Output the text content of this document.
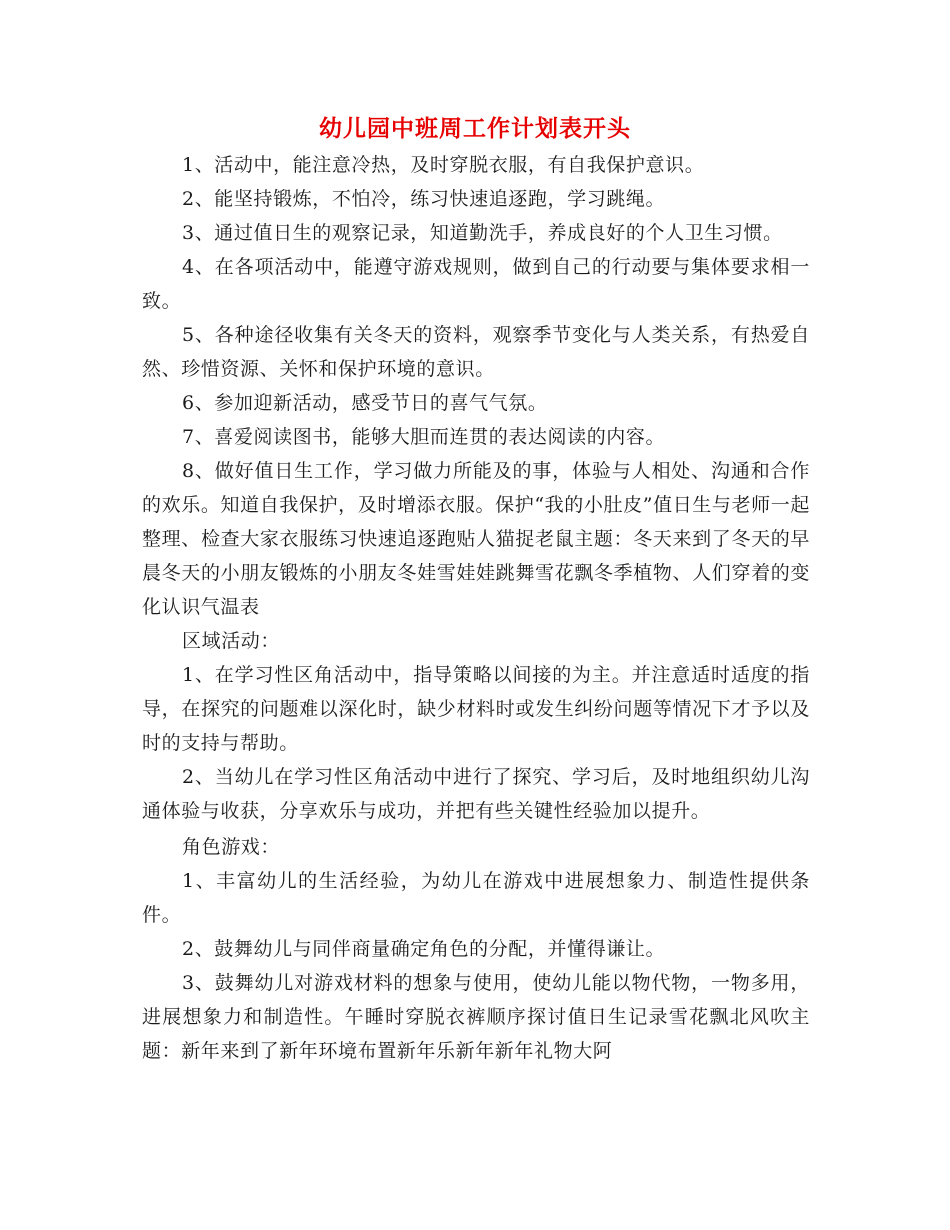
幼儿园中班周工作计划表开头

1、活动中，能注意冷热，及时穿脱衣服，有自我保护意识。

2、能坚持锻炼，不怕冷，练习快速追逐跑，学习跳绳。

3、通过值日生的观察记录，知道勤洗手，养成良好的个人卫生习惯。

4、在各项活动中，能遵守游戏规则，做到自己的行动要与集体要求相一致。

5、各种途径收集有关冬天的资料，观察季节变化与人类关系，有热爱自然、珍惜资源、关怀和保护环境的意识。

6、参加迎新活动，感受节日的喜气气氛。

7、喜爱阅读图书，能够大胆而连贯的表达阅读的内容。

8、做好值日生工作，学习做力所能及的事，体验与人相处、沟通和合作的欢乐。知道自我保护，及时增添衣服。保护“我的小肚皮”值日生与老师一起整理、检查大家衣服练习快速追逐跑贴人猫捉老鼠主题：冬天来到了冬天的早晨冬天的小朋友锻炼的小朋友冬娃雪娃娃跳舞雪花飘冬季植物、人们穿着的变化认识气温表

区域活动：

1、在学习性区角活动中，指导策略以间接的为主。并注意适时适度的指导，在探究的问题难以深化时，缺少材料时或发生纠纷问题等情况下才予以及时的支持与帮助。

2、当幼儿在学习性区角活动中进行了探究、学习后，及时地组织幼儿沟通体验与收获，分享欢乐与成功，并把有些关键性经验加以提升。

角色游戏：

1、丰富幼儿的生活经验，为幼儿在游戏中进展想象力、制造性提供条件。

2、鼓舞幼儿与同伴商量确定角色的分配，并懂得谦让。

3、鼓舞幼儿对游戏材料的想象与使用，使幼儿能以物代物，一物多用，进展想象力和制造性。午睡时穿脱衣裤顺序探讨值日生记录雪花飘北风吹主题：新年来到了新年环境布置新年乐新年新年礼物大阿
